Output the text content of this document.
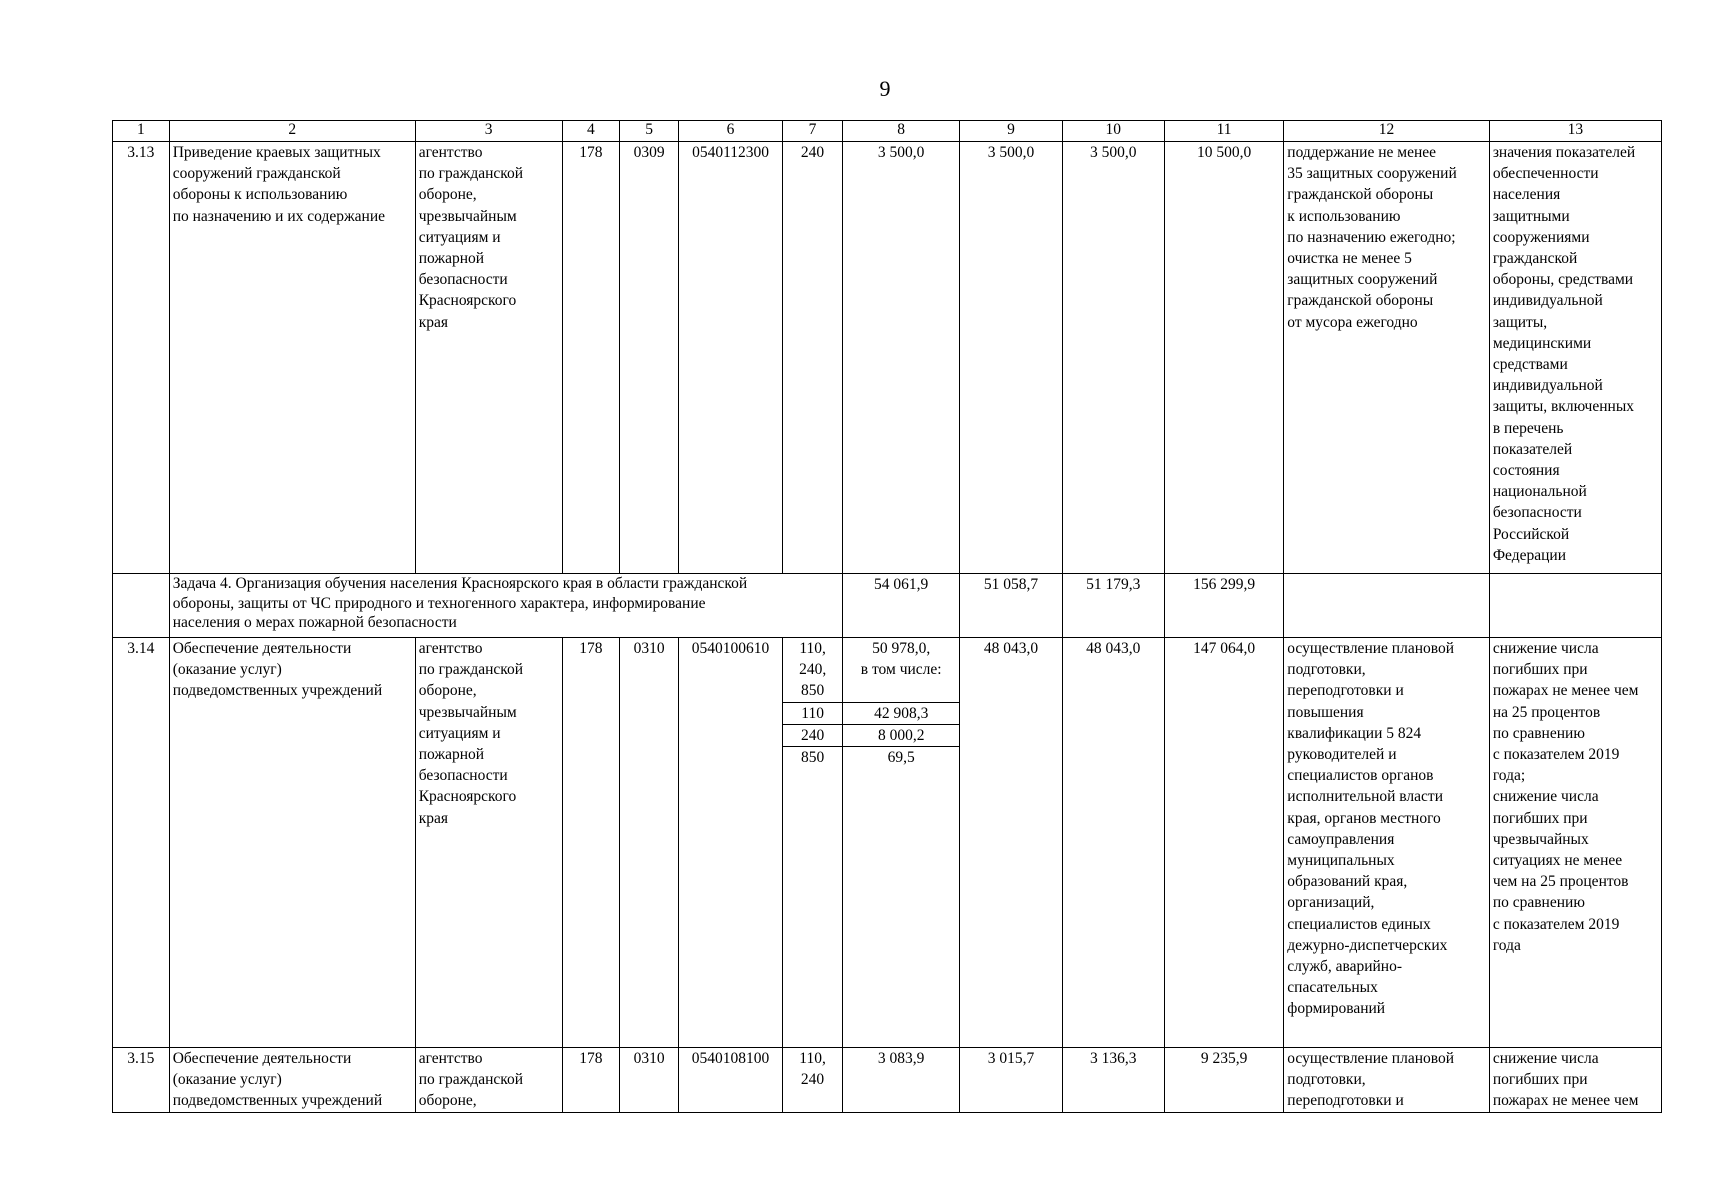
9
1	2	3	4	5	6	7	8	9	10	11	12	13
3.13	Приведение краевых защитных
сооружений гражданской
обороны к использованию
по назначению и их содержание	агентство
по гражданской
обороне,
чрезвычайным
ситуациям и
пожарной
безопасности
Красноярского
края	178	0309	0540112300	240	3 500,0	3 500,0	3 500,0	10 500,0	поддержание не менее
35 защитных сооружений
гражданской обороны
к использованию
по назначению ежегодно;
очистка не менее 5
защитных сооружений
гражданской обороны
от мусора ежегодно	значения показателей
обеспеченности
населения
защитными
сооружениями
гражданской
обороны, средствами
индивидуальной
защиты,
медицинскими
средствами
индивидуальной
защиты, включенных
в перечень
показателей
состояния
национальной
безопасности
Российской
Федерации
	Задача 4. Организация обучения населения Красноярского края в области гражданской
обороны, защиты от ЧС природного и техногенного характера, информирование
населения о мерах пожарной безопасности	54 061,9	51 058,7	51 179,3	156 299,9		
3.14	Обеспечение деятельности
(оказание услуг)
подведомственных учреждений	агентство
по гражданской
обороне,
чрезвычайным
ситуациям и
пожарной
безопасности
Красноярского
края	178	0310	0540100610	110,
240,
850	50 978,0,
в том числе:
110	42 908,3
240	8 000,2
850	69,5
	48 043,0	48 043,0	147 064,0	осуществление плановой
подготовки,
переподготовки и
повышения
квалификации 5 824
руководителей и
специалистов органов
исполнительной власти
края, органов местного
самоуправления
муниципальных
образований края,
организаций,
специалистов единых
дежурно-диспетчерских
служб, аварийно-
спасательных
формирований	снижение числа
погибших при
пожарах не менее чем
на 25 процентов
по сравнению
с показателем 2019
года;
снижение числа
погибших при
чрезвычайных
ситуациях не менее
чем на 25 процентов
по сравнению
с показателем 2019
года
3.15	Обеспечение деятельности
(оказание услуг)
подведомственных учреждений	агентство
по гражданской
обороне,	178	0310	0540108100	110,
240	3 083,9	3 015,7	3 136,3	9 235,9	осуществление плановой
подготовки,
переподготовки и	снижение числа
погибших при
пожарах не менее чем
